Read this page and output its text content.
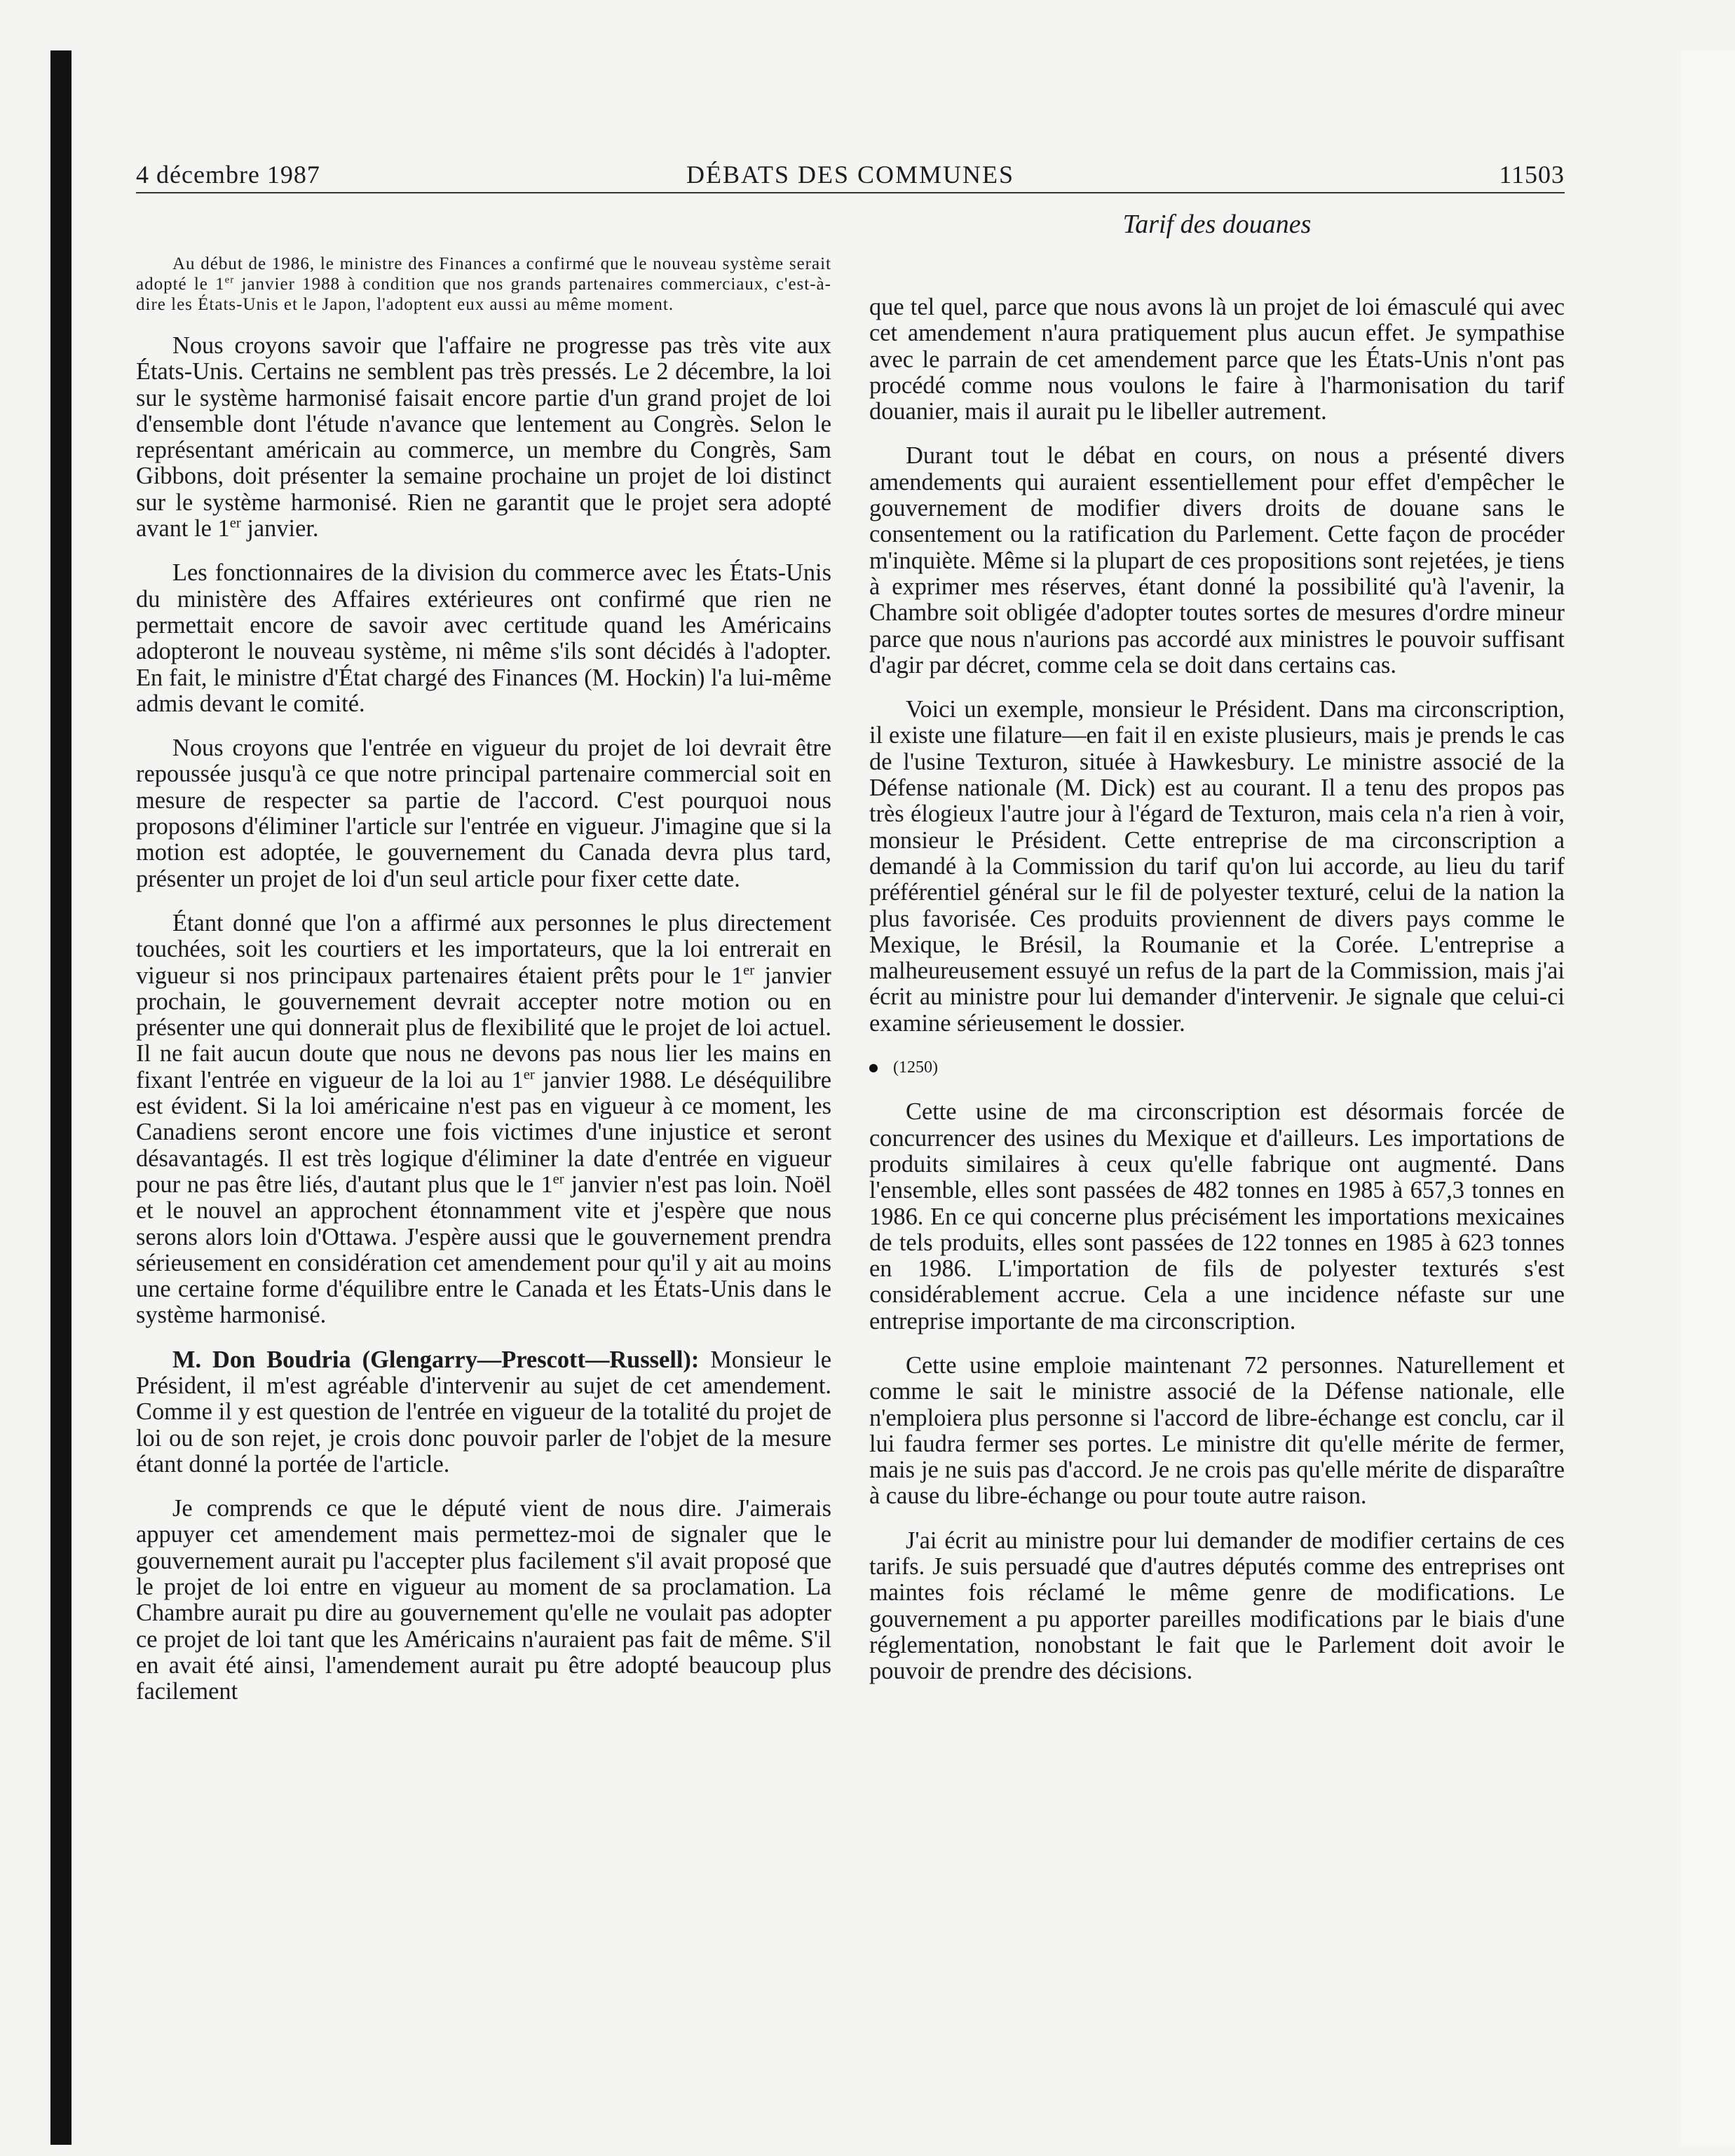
4 décembre 1987	DÉBATS DES COMMUNES	11503
Tarif des douanes

Au début de 1986, le ministre des Finances a confirmé que le nouveau système serait adopté le 1er janvier 1988 à condition que nos grands partenaires commerciaux, c'est-à-dire les États-Unis et le Japon, l'adoptent eux aussi au même moment.

Nous croyons savoir que l'affaire ne progresse pas très vite aux États-Unis. Certains ne semblent pas très pressés. Le 2 décembre, la loi sur le système harmonisé faisait encore partie d'un grand projet de loi d'ensemble dont l'étude n'avance que lentement au Congrès. Selon le représentant américain au commerce, un membre du Congrès, Sam Gibbons, doit présenter la semaine prochaine un projet de loi distinct sur le système harmonisé. Rien ne garantit que le projet sera adopté avant le 1er janvier.

Les fonctionnaires de la division du commerce avec les États-Unis du ministère des Affaires extérieures ont confirmé que rien ne permettait encore de savoir avec certitude quand les Américains adopteront le nouveau système, ni même s'ils sont décidés à l'adopter. En fait, le ministre d'État chargé des Finances (M. Hockin) l'a lui-même admis devant le comité.

Nous croyons que l'entrée en vigueur du projet de loi devrait être repoussée jusqu'à ce que notre principal partenaire commercial soit en mesure de respecter sa partie de l'accord. C'est pourquoi nous proposons d'éliminer l'article sur l'entrée en vigueur. J'imagine que si la motion est adoptée, le gouvernement du Canada devra plus tard, présenter un projet de loi d'un seul article pour fixer cette date.

Étant donné que l'on a affirmé aux personnes le plus directement touchées, soit les courtiers et les importateurs, que la loi entrerait en vigueur si nos principaux partenaires étaient prêts pour le 1er janvier prochain, le gouvernement devrait accepter notre motion ou en présenter une qui donnerait plus de flexibilité que le projet de loi actuel. Il ne fait aucun doute que nous ne devons pas nous lier les mains en fixant l'entrée en vigueur de la loi au 1er janvier 1988. Le déséquilibre est évident. Si la loi américaine n'est pas en vigueur à ce moment, les Canadiens seront encore une fois victimes d'une injustice et seront désavantagés. Il est très logique d'éliminer la date d'entrée en vigueur pour ne pas être liés, d'autant plus que le 1er janvier n'est pas loin. Noël et le nouvel an approchent étonnamment vite et j'espère que nous serons alors loin d'Ottawa. J'espère aussi que le gouvernement prendra sérieusement en considération cet amendement pour qu'il y ait au moins une certaine forme d'équilibre entre le Canada et les États-Unis dans le système harmonisé.

M. Don Boudria (Glengarry—Prescott—Russell): Monsieur le Président, il m'est agréable d'intervenir au sujet de cet amendement. Comme il y est question de l'entrée en vigueur de la totalité du projet de loi ou de son rejet, je crois donc pouvoir parler de l'objet de la mesure étant donné la portée de l'article.

Je comprends ce que le député vient de nous dire. J'aimerais appuyer cet amendement mais permettez-moi de signaler que le gouvernement aurait pu l'accepter plus facilement s'il avait proposé que le projet de loi entre en vigueur au moment de sa proclamation. La Chambre aurait pu dire au gouvernement qu'elle ne voulait pas adopter ce projet de loi tant que les Américains n'auraient pas fait de même. S'il en avait été ainsi, l'amendement aurait pu être adopté beaucoup plus facilement

que tel quel, parce que nous avons là un projet de loi émasculé qui avec cet amendement n'aura pratiquement plus aucun effet. Je sympathise avec le parrain de cet amendement parce que les États-Unis n'ont pas procédé comme nous voulons le faire à l'harmonisation du tarif douanier, mais il aurait pu le libeller autrement.

Durant tout le débat en cours, on nous a présenté divers amendements qui auraient essentiellement pour effet d'empêcher le gouvernement de modifier divers droits de douane sans le consentement ou la ratification du Parlement. Cette façon de procéder m'inquiète. Même si la plupart de ces propositions sont rejetées, je tiens à exprimer mes réserves, étant donné la possibilité qu'à l'avenir, la Chambre soit obligée d'adopter toutes sortes de mesures d'ordre mineur parce que nous n'aurions pas accordé aux ministres le pouvoir suffisant d'agir par décret, comme cela se doit dans certains cas.

Voici un exemple, monsieur le Président. Dans ma circonscription, il existe une filature—en fait il en existe plusieurs, mais je prends le cas de l'usine Texturon, située à Hawkesbury. Le ministre associé de la Défense nationale (M. Dick) est au courant. Il a tenu des propos pas très élogieux l'autre jour à l'égard de Texturon, mais cela n'a rien à voir, monsieur le Président. Cette entreprise de ma circonscription a demandé à la Commission du tarif qu'on lui accorde, au lieu du tarif préférentiel général sur le fil de polyester texturé, celui de la nation la plus favorisée. Ces produits proviennent de divers pays comme le Mexique, le Brésil, la Roumanie et la Corée. L'entreprise a malheureusement essuyé un refus de la part de la Commission, mais j'ai écrit au ministre pour lui demander d'intervenir. Je signale que celui-ci examine sérieusement le dossier.

(1250)

Cette usine de ma circonscription est désormais forcée de concurrencer des usines du Mexique et d'ailleurs. Les importations de produits similaires à ceux qu'elle fabrique ont augmenté. Dans l'ensemble, elles sont passées de 482 tonnes en 1985 à 657,3 tonnes en 1986. En ce qui concerne plus précisément les importations mexicaines de tels produits, elles sont passées de 122 tonnes en 1985 à 623 tonnes en 1986. L'importation de fils de polyester texturés s'est considérablement accrue. Cela a une incidence néfaste sur une entreprise importante de ma circonscription.

Cette usine emploie maintenant 72 personnes. Naturellement et comme le sait le ministre associé de la Défense nationale, elle n'emploiera plus personne si l'accord de libre-échange est conclu, car il lui faudra fermer ses portes. Le ministre dit qu'elle mérite de fermer, mais je ne suis pas d'accord. Je ne crois pas qu'elle mérite de disparaître à cause du libre-échange ou pour toute autre raison.

J'ai écrit au ministre pour lui demander de modifier certains de ces tarifs. Je suis persuadé que d'autres députés comme des entreprises ont maintes fois réclamé le même genre de modifications. Le gouvernement a pu apporter pareilles modifications par le biais d'une réglementation, nonobstant le fait que le Parlement doit avoir le pouvoir de prendre des décisions.
